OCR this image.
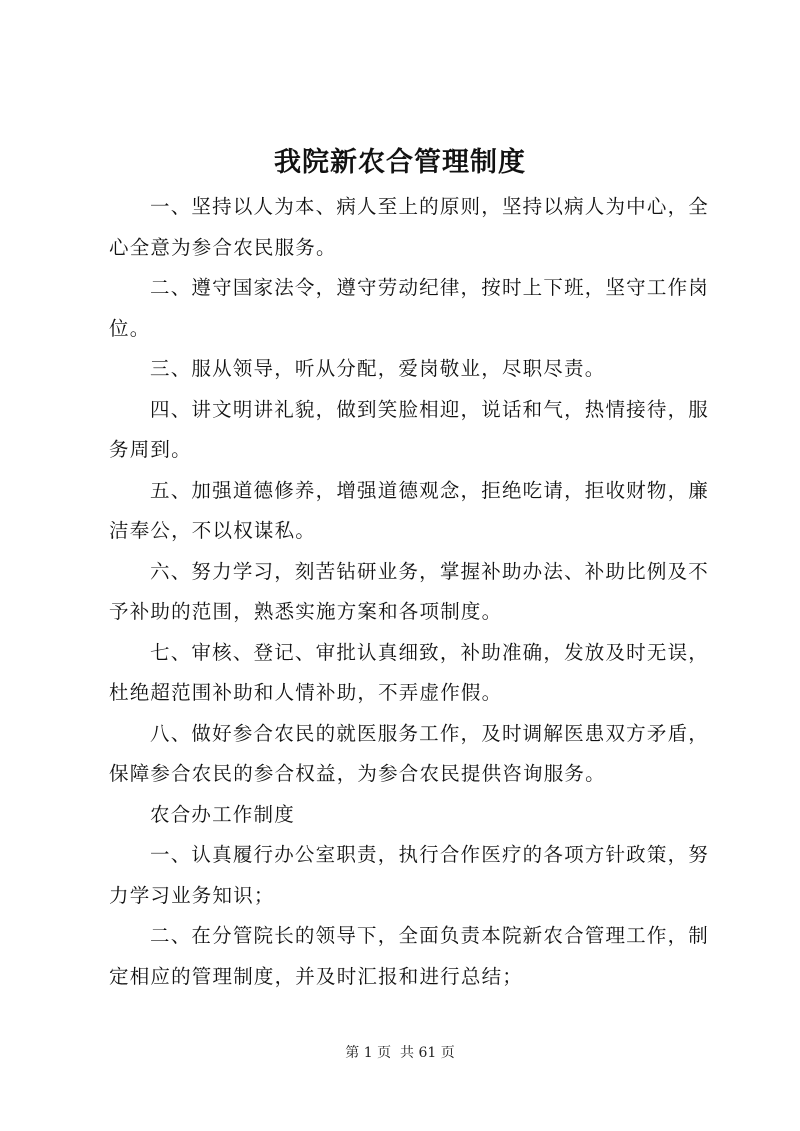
我院新农合管理制度

一、坚持以人为本、病人至上的原则，坚持以病人为中心，全心全意为参合农民服务。

二、遵守国家法令，遵守劳动纪律，按时上下班，坚守工作岗位。

三、服从领导，听从分配，爱岗敬业，尽职尽责。

四、讲文明讲礼貌，做到笑脸相迎，说话和气，热情接待，服务周到。

五、加强道德修养，增强道德观念，拒绝吃请，拒收财物，廉洁奉公，不以权谋私。

六、努力学习，刻苦钻研业务，掌握补助办法、补助比例及不予补助的范围，熟悉实施方案和各项制度。

七、审核、登记、审批认真细致，补助准确，发放及时无误，杜绝超范围补助和人情补助，不弄虚作假。

八、做好参合农民的就医服务工作，及时调解医患双方矛盾，保障参合农民的参合权益，为参合农民提供咨询服务。

农合办工作制度

一、认真履行办公室职责，执行合作医疗的各项方针政策，努力学习业务知识；

二、在分管院长的领导下，全面负责本院新农合管理工作，制定相应的管理制度，并及时汇报和进行总结；

第 1 页  共 61 页
